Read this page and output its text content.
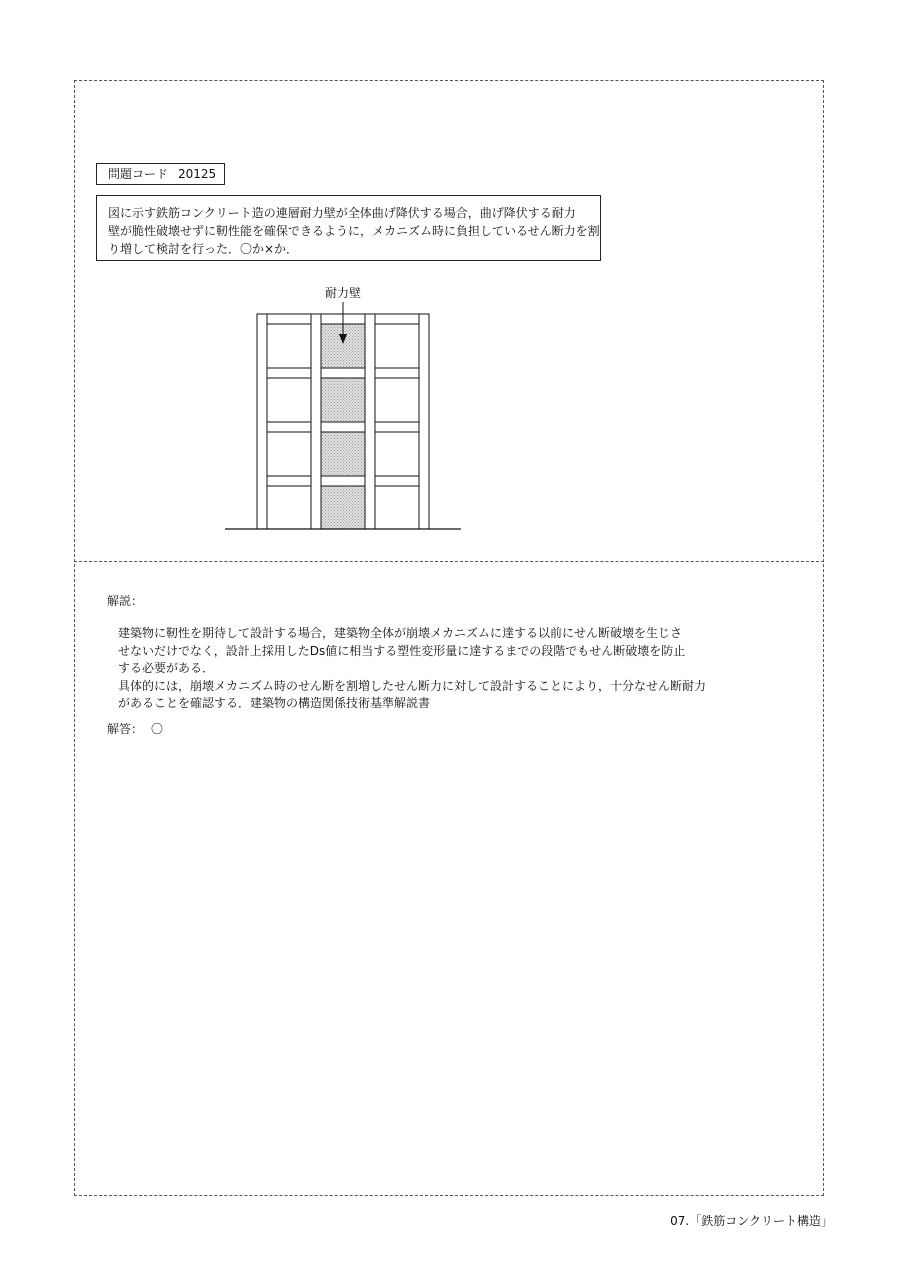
問題コード 20125
図に示す鉄筋コンクリート造の連層耐力壁が全体曲げ降伏する場合，曲げ降伏する耐力
壁が脆性破壊せずに靭性能を確保できるように，メカニズム時に負担しているせん断力を割
り増して検討を行った．〇か×か．
耐力壁
解説：
建築物に靭性を期待して設計する場合，建築物全体が崩壊メカニズムに達する以前にせん断破壊を生じさ
せないだけでなく，設計上採用したDs値に相当する塑性変形量に達するまでの段階でもせん断破壊を防止
する必要がある．
具体的には，崩壊メカニズム時のせん断を割増したせん断力に対して設計することにより，十分なせん断耐力
があることを確認する．建築物の構造関係技術基準解説書
解答： 〇
07.「鉄筋コンクリート構造」
